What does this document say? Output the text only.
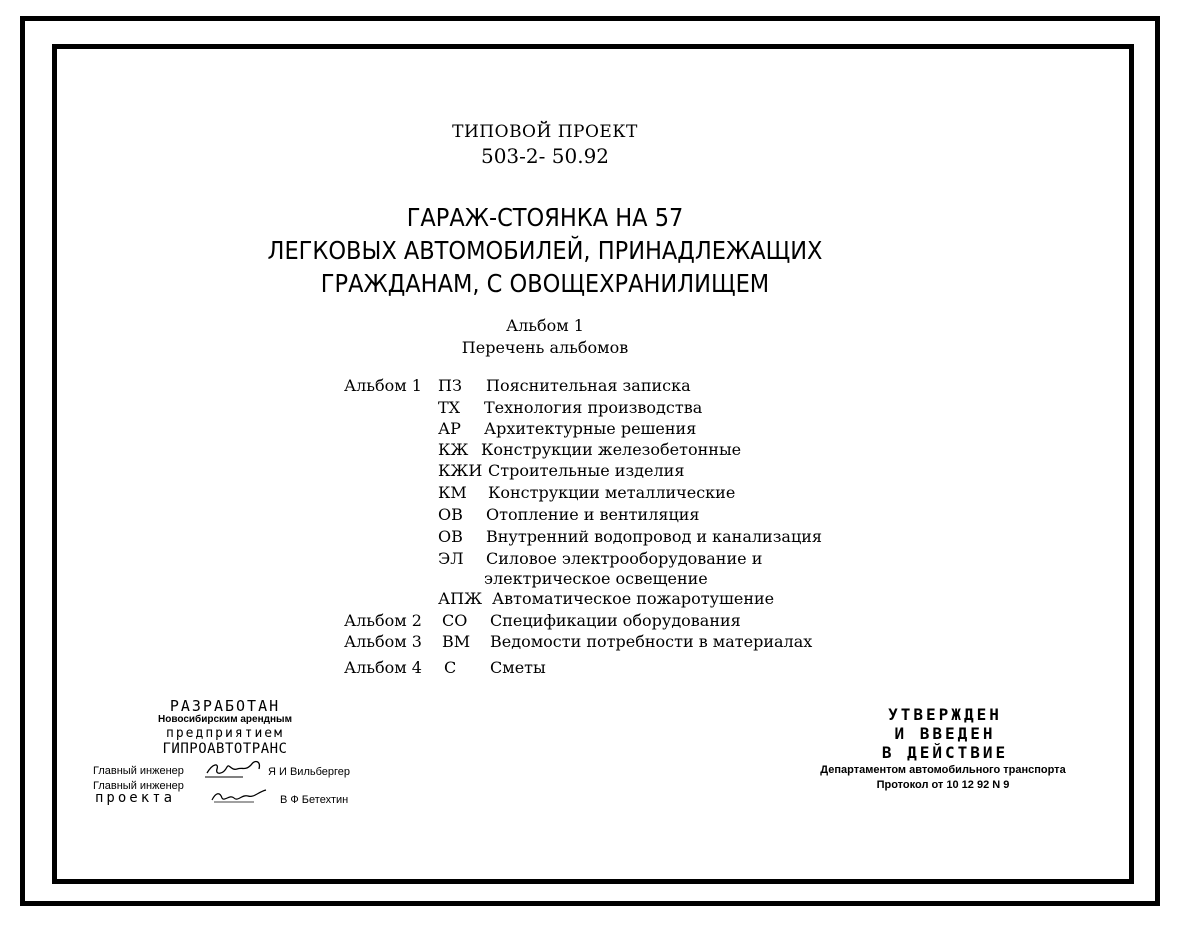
ТИПОВОЙ ПРОЕКТ
503-2- 50.92
ГАРАЖ-СТОЯНКА НА 57
ЛЕГКОВЫХ АВТОМОБИЛЕЙ, ПРИНАДЛЕЖАЩИХ
ГРАЖДАНАМ, С ОВОЩЕХРАНИЛИЩЕМ
Альбом 1
Перечень альбомов
Альбом 1 ПЗ Пояснительная записка
ТХ Технология производства
АР Архитектурные решения
КЖ Конструкции железобетонные
КЖИ Строительные изделия
КМ Конструкции металлические
ОВ Отопление и вентиляция
ОВ Внутренний водопровод и канализация
ЭЛ Силовое электрооборудование и
электрическое освещение
АПЖ Автоматическое пожаротушение
Альбом 2 СО Спецификации оборудования
Альбом 3 ВМ Ведомости потребности в материалах
Альбом 4 С Сметы
РАЗРАБОТАН
Новосибирским арендным
предприятием
ГИПРОАВТОТРАНС
Главный инженер	Я И Вильбергер
Главный инженер
проекта	В Ф Бетехтин
УТВЕРЖДЕН
И ВВЕДЕН
В ДЕЙСТВИЕ
Департаментом автомобильного транспорта
Протокол от 10 12 92 N 9
